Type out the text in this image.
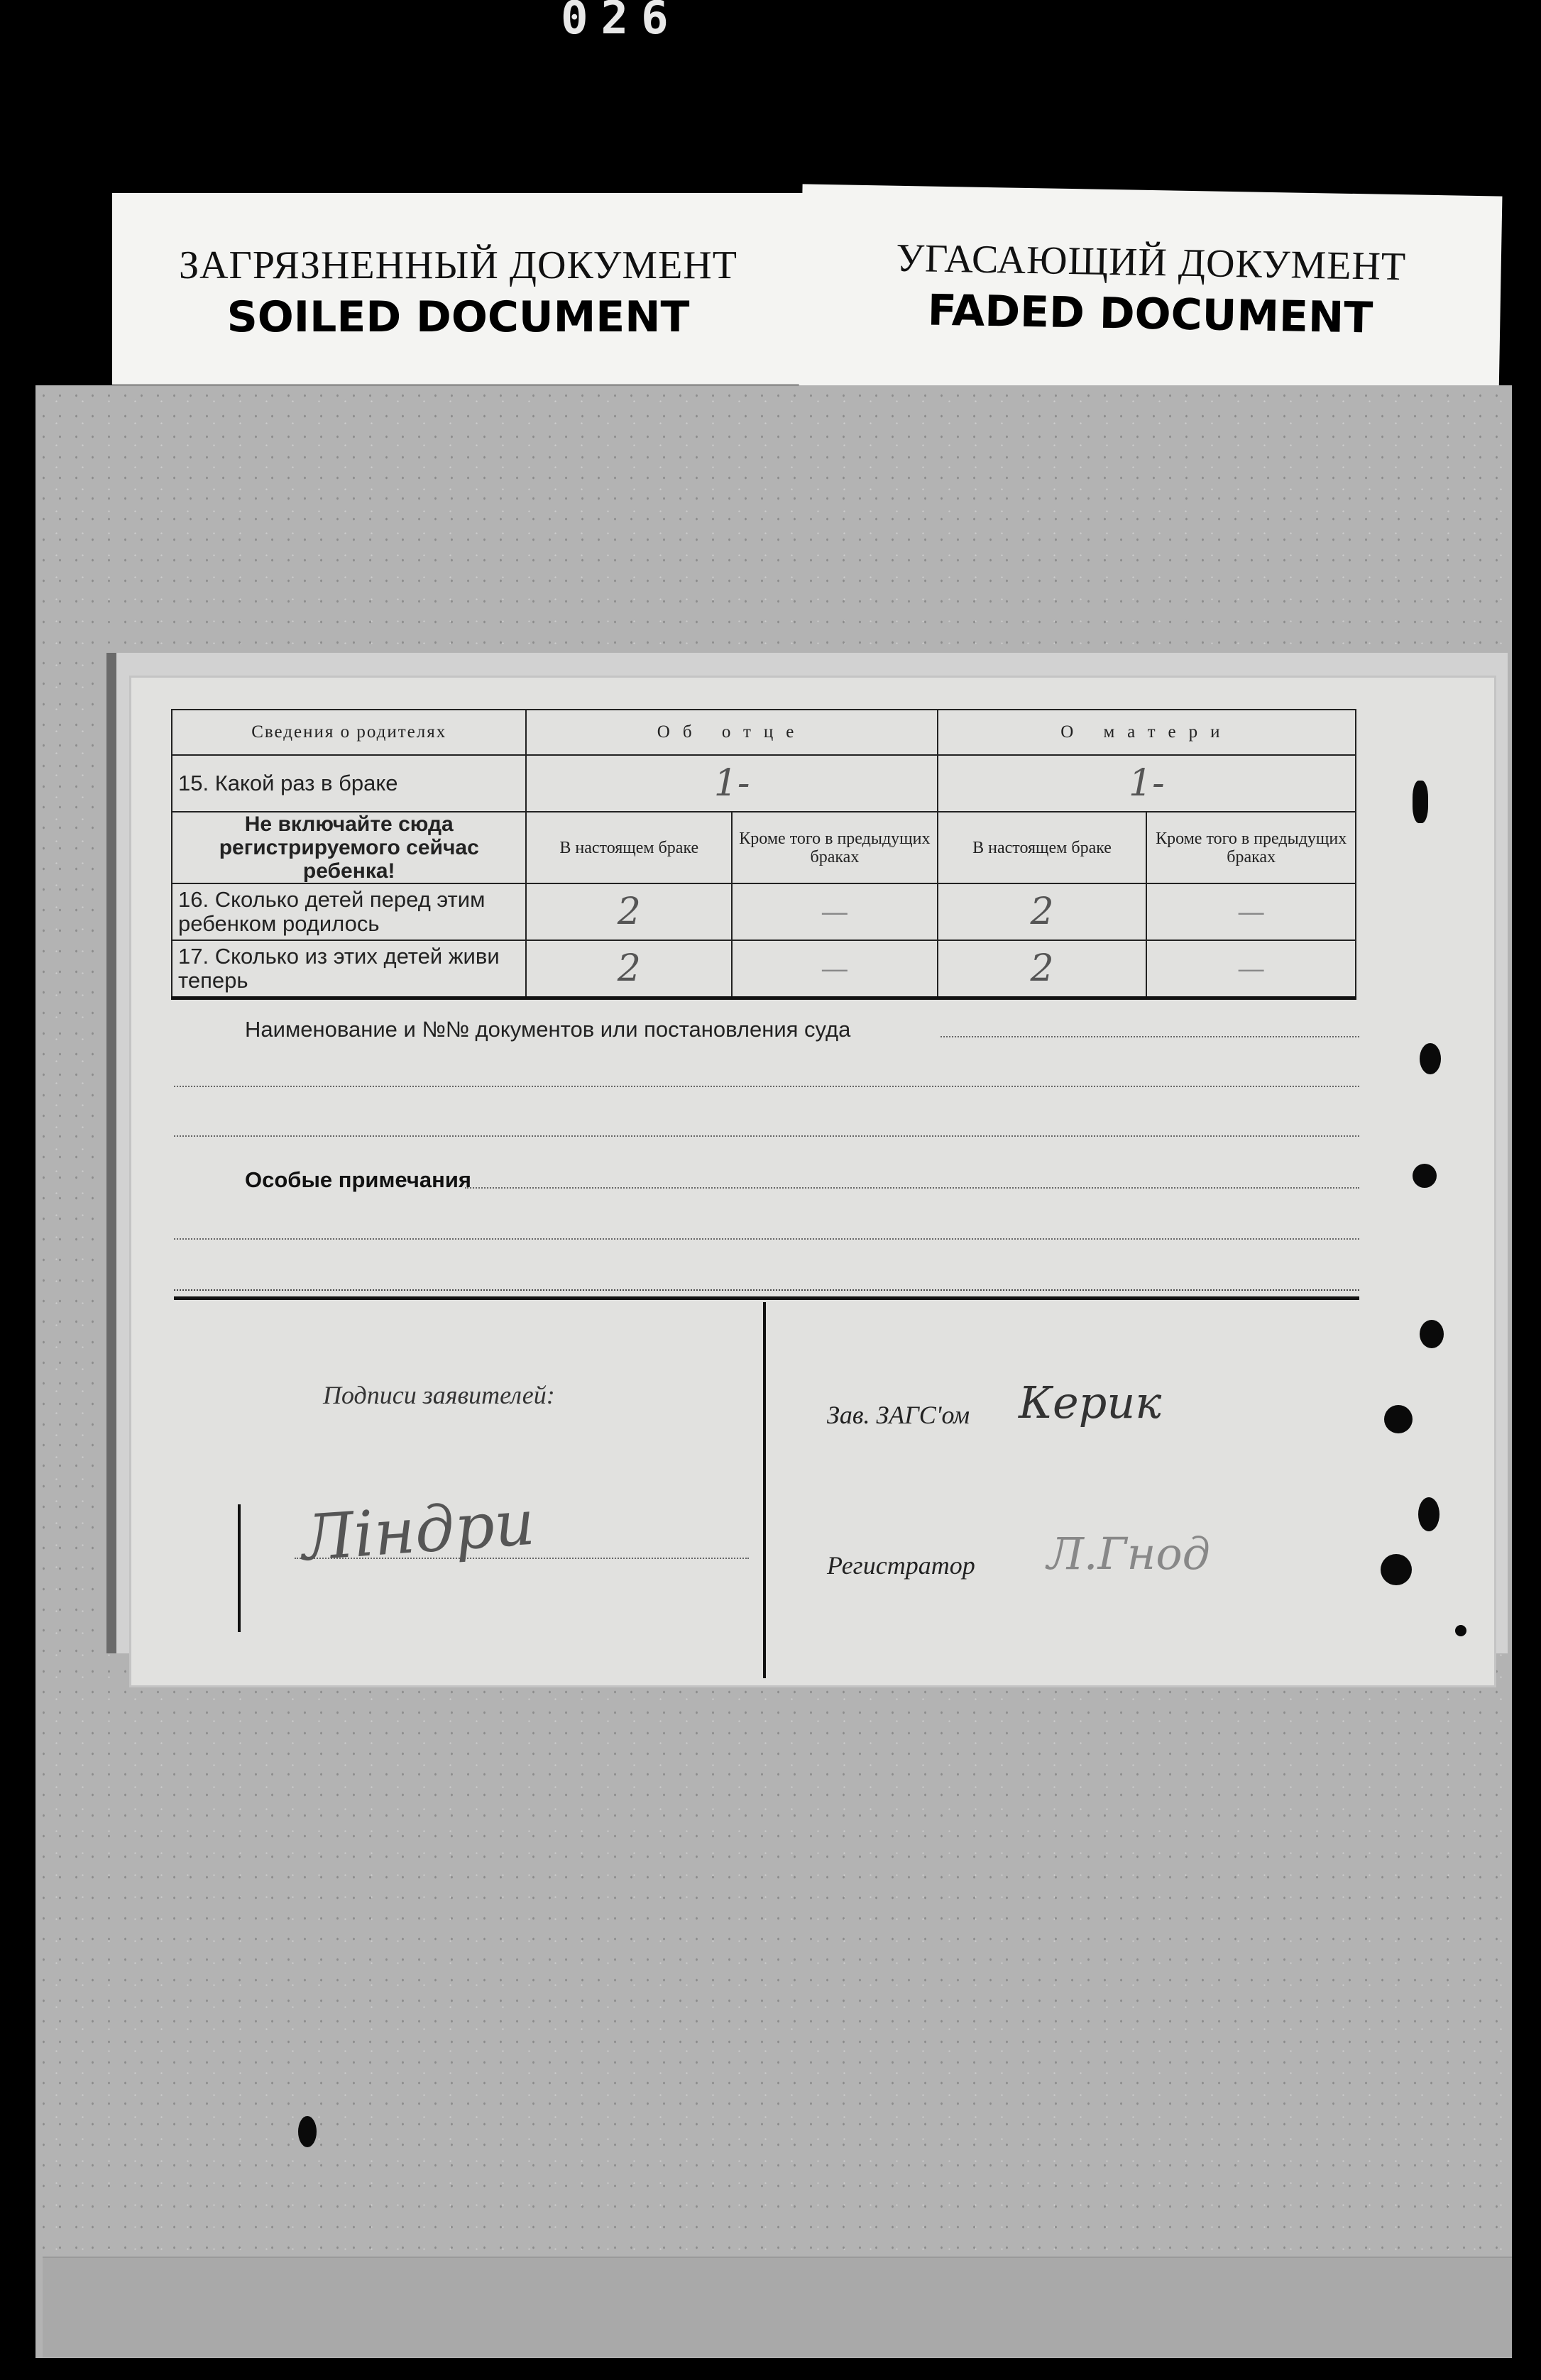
026
ЗАГРЯЗНЕННЫЙ ДОКУМЕНТ
SOILED DOCUMENT
УГАСАЮЩИЙ ДОКУМЕНТ
FADED DOCUMENT
Сведения о родителях	Об отце		О матери	
15. Какой раз в браке	1-		1-	
Не включайте сюда регистрируемого сейчас ребенка!	В настоящем браке	Кроме того в предыдущих браках	В настоящем браке	Кроме того в предыдущих браках
16. Сколько детей перед этим ребенком родилось	2	—	2	—
17. Сколько из этих детей живи теперь	2	—	2	—
Наименование и №№ документов или постановления суда
Особые примечания
Подписи заявителей:
Ліндри
Зав. ЗАГС'ом Керик
Регистратор Л.Гнод
